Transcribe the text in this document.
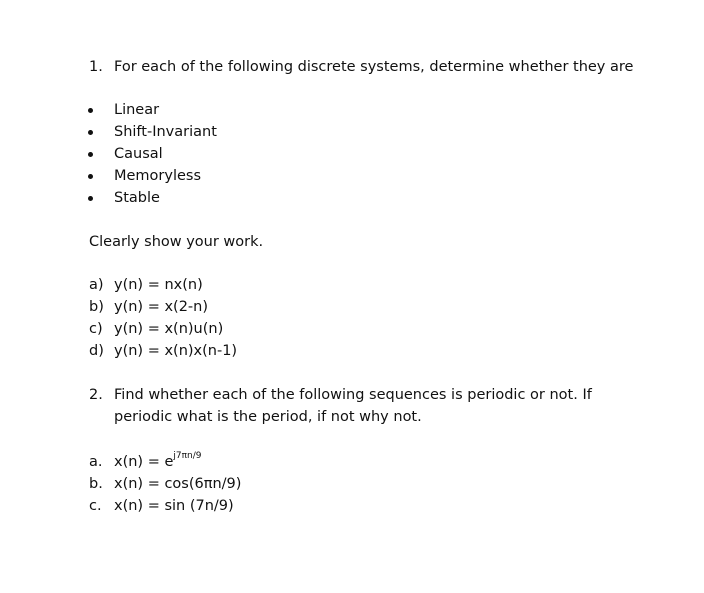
1. For each of the following discrete systems, determine whether they are
Linear
Shift-Invariant
Causal
Memoryless
Stable
Clearly show your work.
a) y(n) = nx(n)
b) y(n) = x(2-n)
c) y(n) = x(n)u(n)
d) y(n) = x(n)x(n-1)
2. Find whether each of the following sequences is periodic or not. If
periodic what is the period, if not why not.
a. $x(n) = e^{j7\pi n/9}$
b. x(n) = cos(6πn/9)
c. x(n) = sin (7n/9)
